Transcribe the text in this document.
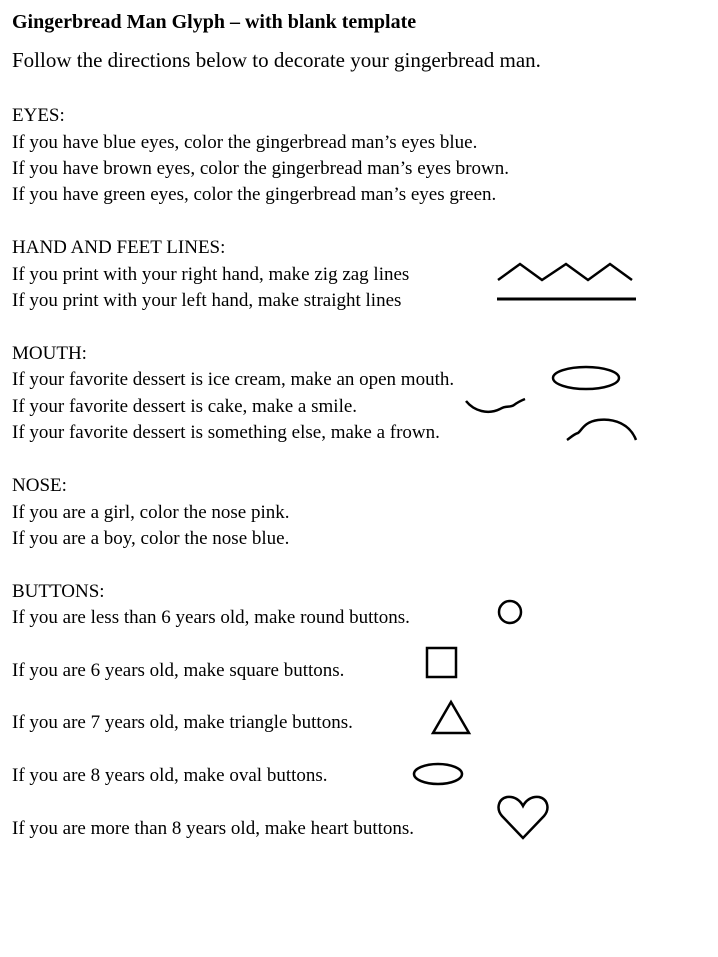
Gingerbread Man Glyph – with blank template
Follow the directions below to decorate your gingerbread man.
EYES:
If you have blue eyes, color the gingerbread man’s eyes blue.
If you have brown eyes, color the gingerbread man’s eyes brown.
If you have green eyes, color the gingerbread man’s eyes green.
HAND AND FEET LINES:
If you print with your right hand, make zig zag lines
If you print with your left hand, make straight lines
MOUTH:
If your favorite dessert is ice cream, make an open mouth.
If your favorite dessert is cake, make a smile.
If your favorite dessert is something else, make a frown.
NOSE:
If you are a girl, color the nose pink.
If you are a boy, color the nose blue.
BUTTONS:
If you are less than 6 years old, make round buttons.
If you are 6 years old, make square buttons.
If you are 7 years old, make triangle buttons.
If you are 8 years old, make oval buttons.
If you are more than 8 years old, make heart buttons.
